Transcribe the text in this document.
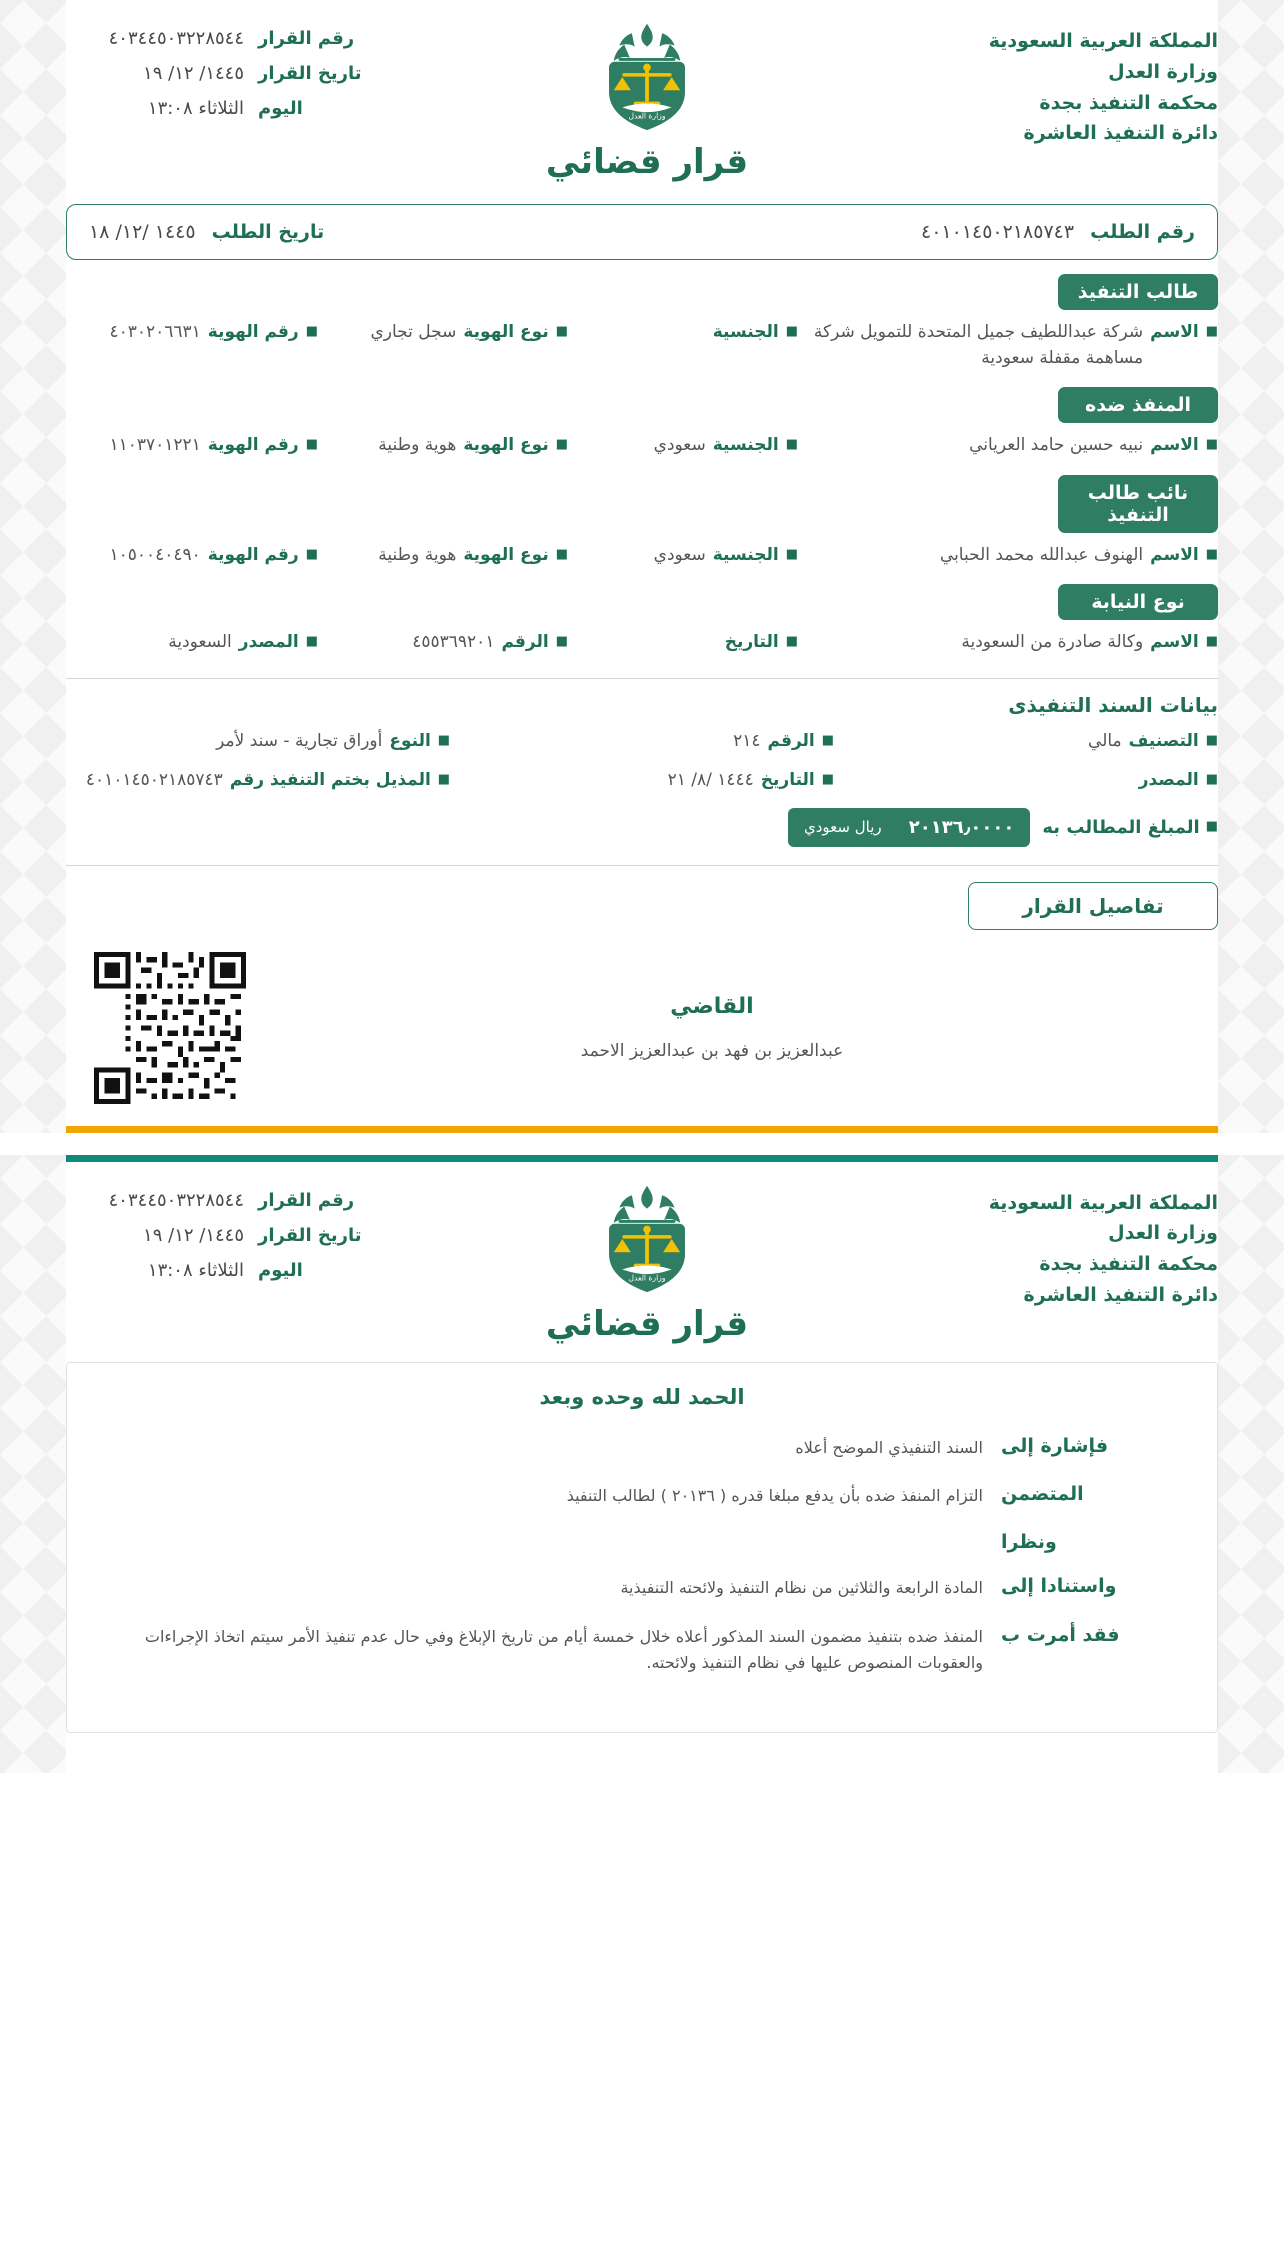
المملكة العربية السعودية
وزارة العدل
محكمة التنفيذ بجدة
دائرة التنفيذ العاشرة
وزارة العدل
قرار قضائي
رقم القرار
٤٠٣٤٤٥٠٣٢٢٨٥٤٤
تاريخ القرار
١٤٤٥/ ١٢/ ١٩
اليوم
الثلاثاء ١٣:٠٨
رقم الطلب
٤٠١٠١٤٥٠٢١٨٥٧٤٣
تاريخ الطلب
١٤٤٥ /١٢/ ١٨
طالب التنفيذ
■
الاسم
شركة عبداللطيف جميل المتحدة للتمويل شركة مساهمة مقفلة سعودية
■
الجنسية
■
نوع الهوية
سجل تجاري
■
رقم الهوية
٤٠٣٠٢٠٦٦٣١
المنفذ ضده
■
الاسم
نبيه حسين حامد العرياني
■
الجنسية
سعودي
■
نوع الهوية
هوية وطنية
■
رقم الهوية
١١٠٣٧٠١٢٢١
نائب طالب التنفيذ
■
الاسم
الهنوف عبدالله محمد الحبابي
■
الجنسية
سعودي
■
نوع الهوية
هوية وطنية
■
رقم الهوية
١٠٥٠٠٤٠٤٩٠
نوع النيابة
■
الاسم
وكالة صادرة من السعودية
■
التاريخ
■
الرقم
٤٥٥٣٦٩٢٠١
■
المصدر
السعودية
بيانات السند التنفيذى
■
التصنيف
مالي
■
الرقم
٢١٤
■
النوع
أوراق تجارية - سند لأمر
■
المصدر
■
التاريخ
١٤٤٤ /٨/ ٢١
■
المذيل بختم التنفيذ رقم
٤٠١٠١٤٥٠٢١٨٥٧٤٣
■
المبلغ المطالب به
٢٠١٣٦٫٠٠٠٠
ريال سعودي
تفاصيل القرار
القاضي
عبدالعزيز بن فهد بن عبدالعزيز الاحمد
المملكة العربية السعودية
وزارة العدل
محكمة التنفيذ بجدة
دائرة التنفيذ العاشرة
وزارة العدل
قرار قضائي
رقم القرار
٤٠٣٤٤٥٠٣٢٢٨٥٤٤
تاريخ القرار
١٤٤٥/ ١٢/ ١٩
اليوم
الثلاثاء ١٣:٠٨
الحمد لله وحده وبعد
فإشارة إلى
السند التنفيذي الموضح أعلاه
المتضمن
التزام المنفذ ضده بأن يدفع مبلغا قدره ( ٢٠١٣٦ ) لطالب التنفيذ
ونظرا
واستنادا إلى
المادة الرابعة والثلاثين من نظام التنفيذ ولائحته التنفيذية
فقد أمرت ب
المنفذ ضده بتنفيذ مضمون السند المذكور أعلاه خلال خمسة أيام من تاريخ الإبلاغ وفي حال عدم تنفيذ الأمر سيتم اتخاذ الإجراءات والعقوبات المنصوص عليها في نظام التنفيذ ولائحته.
